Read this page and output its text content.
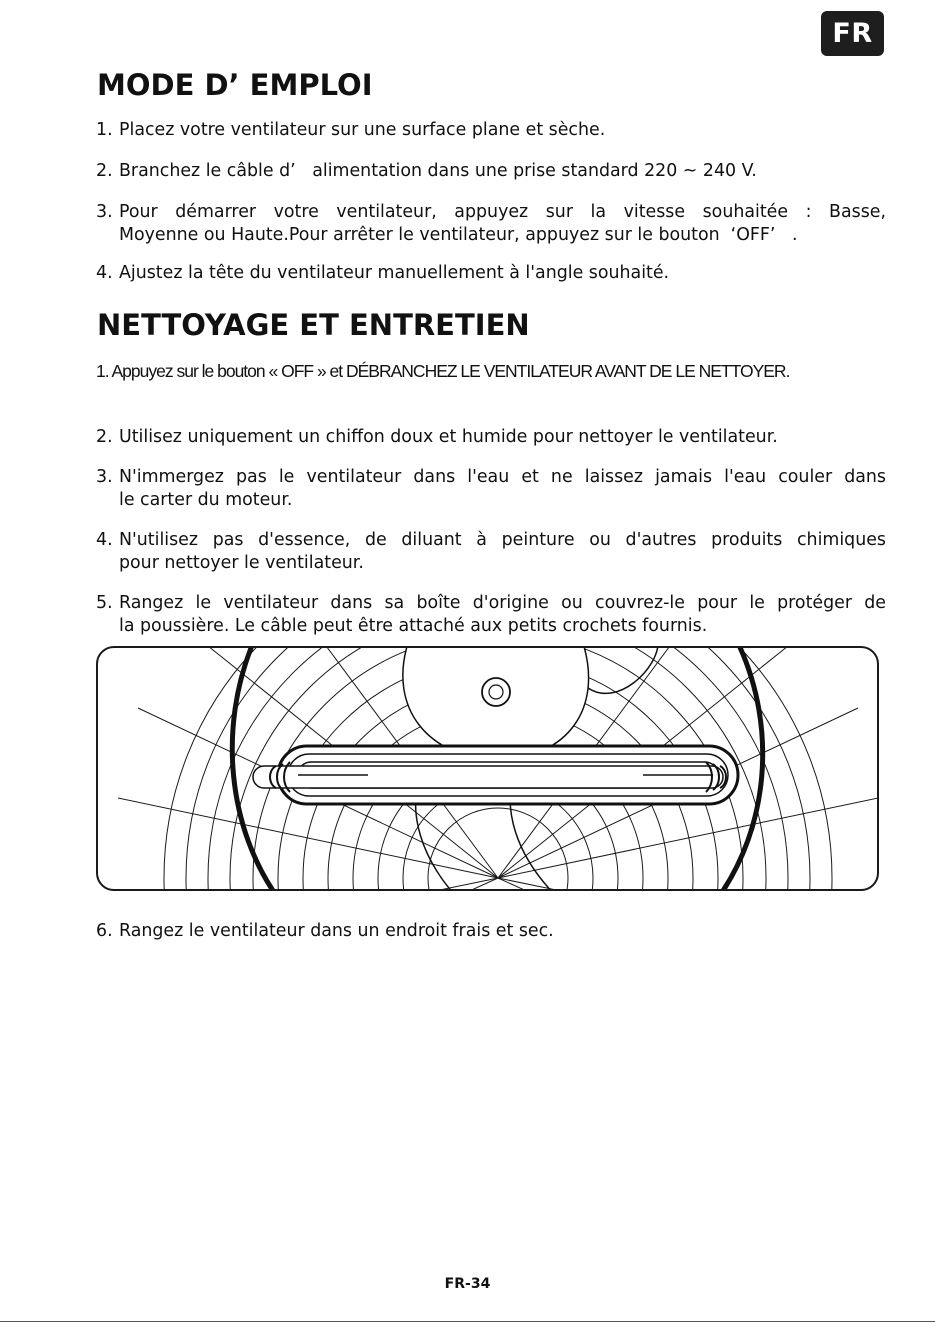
FR
MODE D’ EMPLOI

1. Placez votre ventilateur sur une surface plane et sèche.

2. Branchez le câble d’   alimentation dans une prise standard 220 ~ 240 V.

3. Pour démarrer votre ventilateur, appuyez sur la vitesse souhaitée : Basse,
Moyenne ou Haute.Pour arrêter le ventilateur, appuyez sur le bouton  ‘OFF’   .

4. Ajustez la tête du ventilateur manuellement à l'angle souhaité.

NETTOYAGE ET ENTRETIEN

1. Appuyez sur le bouton « OFF » et DÉBRANCHEZ LE VENTILATEUR AVANT DE LE NETTOYER.

2. Utilisez uniquement un chiffon doux et humide pour nettoyer le ventilateur.

3. N'immergez pas le ventilateur dans l'eau et ne laissez jamais l'eau couler dans
le carter du moteur.

4. N'utilisez pas d'essence, de diluant à peinture ou d'autres produits chimiques
pour nettoyer le ventilateur.

5. Rangez le ventilateur dans sa boîte d'origine ou couvrez-le pour le protéger de
la poussière. Le câble peut être attaché aux petits crochets fournis.

6. Rangez le ventilateur dans un endroit frais et sec.

FR-34
